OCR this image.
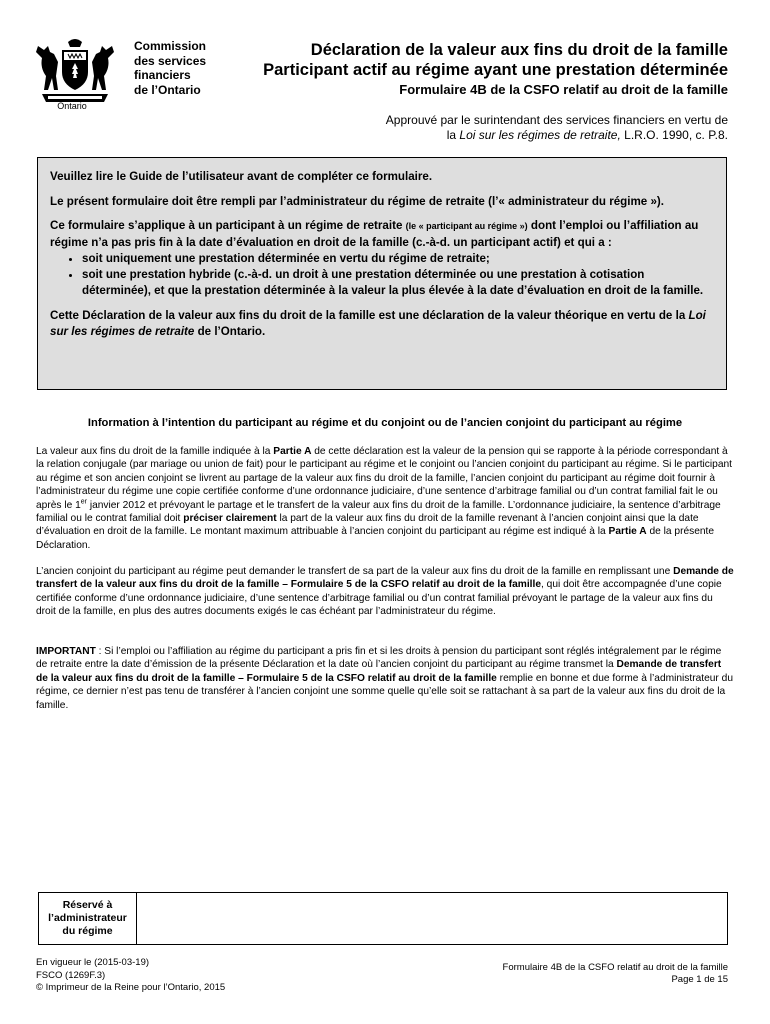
Ontario
Commission
des services
financiers
de l’Ontario
Déclaration de la valeur aux fins du droit de la famille
Participant actif au régime ayant une prestation déterminée
Formulaire 4B de la CSFO relatif au droit de la famille
Approuvé par le surintendant des services financiers en vertu de
la Loi sur les régimes de retraite, L.R.O. 1990, c. P.8.

Veuillez lire le Guide de l’utilisateur avant de compléter ce formulaire.

Le présent formulaire doit être rempli par l’administrateur du régime de retraite (l’« administrateur du régime »).

Ce formulaire s’applique à un participant à un régime de retraite (le « participant au régime ») dont l’emploi ou l’affiliation au régime n’a pas pris fin à la date d’évaluation en droit de la famille (c.-à-d. un participant actif) et qui a :

• soit uniquement une prestation déterminée en vertu du régime de retraite;
• soit une prestation hybride (c.-à-d. un droit à une prestation déterminée ou une prestation à cotisation déterminée), et que la prestation déterminée à la valeur la plus élevée à la date d’évaluation en droit de la famille.

Cette Déclaration de la valeur aux fins du droit de la famille est une déclaration de la valeur théorique en vertu de la Loi sur les régimes de retraite de l’Ontario.

Information à l’intention du participant au régime et du conjoint ou de l’ancien conjoint du participant au régime

La valeur aux fins du droit de la famille indiquée à la Partie A de cette déclaration est la valeur de la pension qui se rapporte à la période correspondant à la relation conjugale (par mariage ou union de fait) pour le participant au régime et le conjoint ou l’ancien conjoint du participant au régime. Si le participant au régime et son ancien conjoint se livrent au partage de la valeur aux fins du droit de la famille, l’ancien conjoint du participant au régime doit fournir à l’administrateur du régime une copie certifiée conforme d’une ordonnance judiciaire, d’une sentence d’arbitrage familial ou d’un contrat familial fait le ou après le 1er janvier 2012 et prévoyant le partage et le transfert de la valeur aux fins du droit de la famille. L’ordonnance judiciaire, la sentence d’arbitrage familial ou le contrat familial doit préciser clairement la part de la valeur aux fins du droit de la famille revenant à l’ancien conjoint ainsi que la date d’évaluation en droit de la famille. Le montant maximum attribuable à l’ancien conjoint du participant au régime est indiqué à la Partie A de la présente Déclaration.

L’ancien conjoint du participant au régime peut demander le transfert de sa part de la valeur aux fins du droit de la famille en remplissant une Demande de transfert de la valeur aux fins du droit de la famille – Formulaire 5 de la CSFO relatif au droit de la famille, qui doit être accompagnée d’une copie certifiée conforme d’une ordonnance judiciaire, d’une sentence d’arbitrage familial ou d’un contrat familial prévoyant le partage de la valeur aux fins du droit de la famille, en plus des autres documents exigés le cas échéant par l’administrateur du régime.

IMPORTANT : Si l’emploi ou l’affiliation au régime du participant a pris fin et si les droits à pension du participant sont réglés intégralement par le régime de retraite entre la date d’émission de la présente Déclaration et la date où l’ancien conjoint du participant au régime transmet la Demande de transfert de la valeur aux fins du droit de la famille – Formulaire 5 de la CSFO relatif au droit de la famille remplie en bonne et due forme à l’administrateur du régime, ce dernier n’est pas tenu de transférer à l’ancien conjoint une somme quelle qu’elle soit se rattachant à sa part de la valeur aux fins du droit de la famille.

Réservé à
l’administrateur
du régime
En vigueur le (2015-03-19)
FSCO (1269F.3)
© Imprimeur de la Reine pour l’Ontario, 2015
Formulaire 4B de la CSFO relatif au droit de la famille
Page 1 de 15
